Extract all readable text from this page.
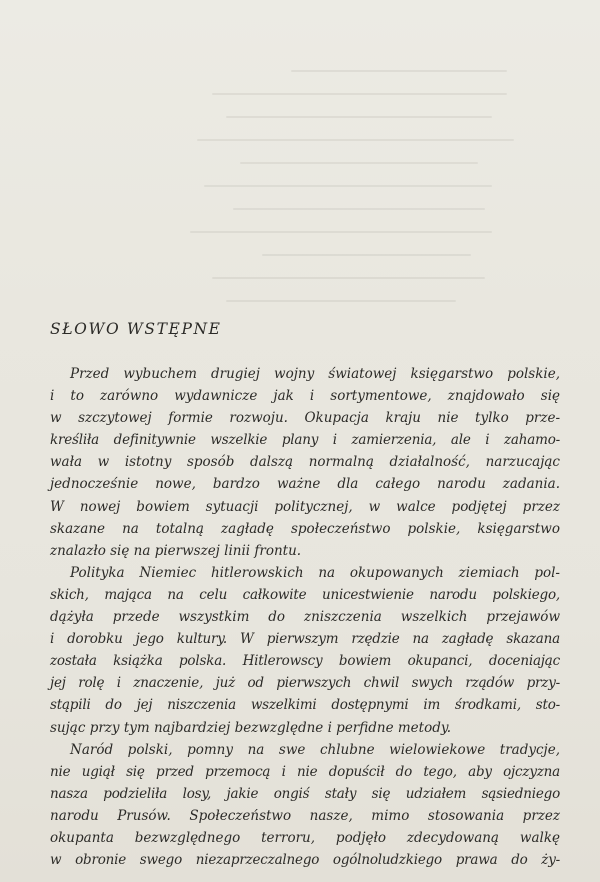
SŁOWO WSTĘPNE
Przed wybuchem drugiej wojny światowej księgarstwo polskie,
i to zarówno wydawnicze jak i sortymentowe, znajdowało się
w szczytowej formie rozwoju. Okupacja kraju nie tylko prze-
kreśliła definitywnie wszelkie plany i zamierzenia, ale i zahamo-
wała w istotny sposób dalszą normalną działalność, narzucając
jednocześnie nowe, bardzo ważne dla całego narodu zadania.
W nowej bowiem sytuacji politycznej, w walce podjętej przez
skazane na totalną zagładę społeczeństwo polskie, księgarstwo
znalazło się na pierwszej linii frontu.
Polityka Niemiec hitlerowskich na okupowanych ziemiach pol-
skich, mająca na celu całkowite unicestwienie narodu polskiego,
dążyła przede wszystkim do zniszczenia wszelkich przejawów
i dorobku jego kultury. W pierwszym rzędzie na zagładę skazana
została książka polska. Hitlerowscy bowiem okupanci, doceniając
jej rolę i znaczenie, już od pierwszych chwil swych rządów przy-
stąpili do jej niszczenia wszelkimi dostępnymi im środkami, sto-
sując przy tym najbardziej bezwzględne i perfidne metody.
Naród polski, pomny na swe chlubne wielowiekowe tradycje,
nie ugiął się przed przemocą i nie dopuścił do tego, aby ojczyzna
nasza podzieliła losy, jakie ongiś stały się udziałem sąsiedniego
narodu Prusów. Społeczeństwo nasze, mimo stosowania przez
okupanta bezwzględnego terroru, podjęło zdecydowaną walkę
w obronie swego niezaprzeczalnego ogólnoludzkiego prawa do ży-
